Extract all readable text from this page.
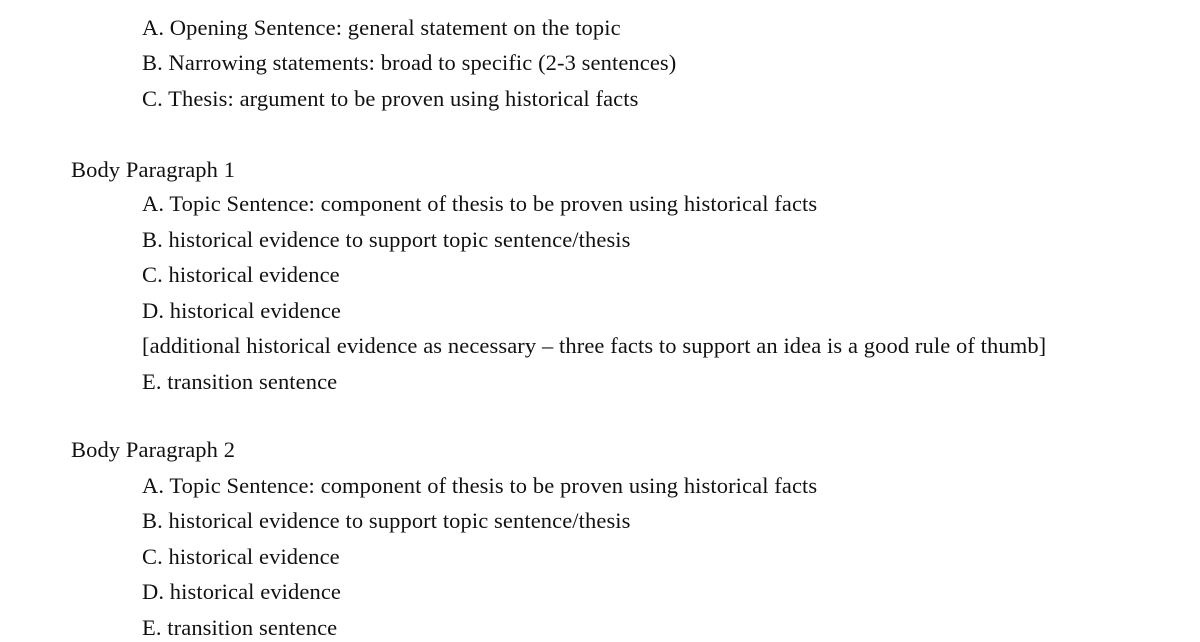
A. Opening Sentence: general statement on the topic
B. Narrowing statements: broad to specific (2-3 sentences)
C. Thesis: argument to be proven using historical facts
Body Paragraph 1
A. Topic Sentence: component of thesis to be proven using historical facts
B. historical evidence to support topic sentence/thesis
C. historical evidence
D. historical evidence
[additional historical evidence as necessary – three facts to support an idea is a good rule of thumb]
E. transition sentence
Body Paragraph 2
A. Topic Sentence: component of thesis to be proven using historical facts
B. historical evidence to support topic sentence/thesis
C. historical evidence
D. historical evidence
E. transition sentence
